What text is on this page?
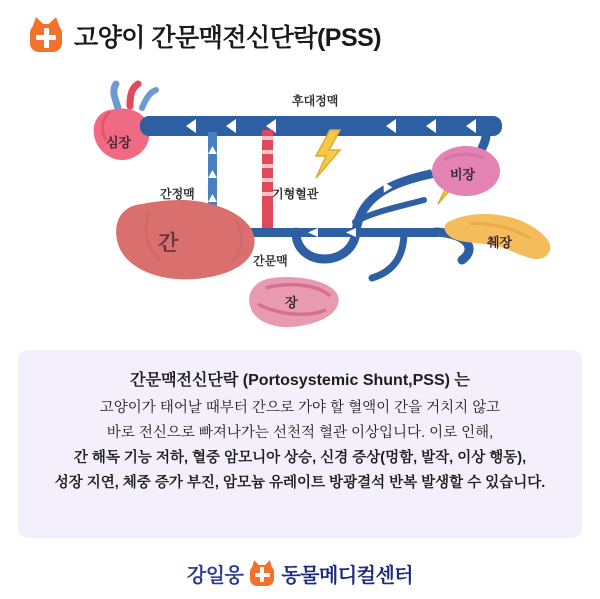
고양이 간문맥전신단락(PSS)
후대정맥
간정맥	기형혈관
간문맥
심장
비장
췌장
간
장
간문맥전신단락 (Portosystemic Shunt,PSS) 는
고양이가 태어날 때부터 간으로 가야 할 혈액이 간을 거치지 않고
바로 전신으로 빠져나가는 선천적 혈관 이상입니다. 이로 인해,
간 해독 기능 저하, 혈중 암모니아 상승, 신경 증상(멍함, 발작, 이상 행동),
성장 지연, 체중 증가 부진, 암모늄 유레이트 방광결석 반복 발생할 수 있습니다.
강일웅 동물메디컬센터
